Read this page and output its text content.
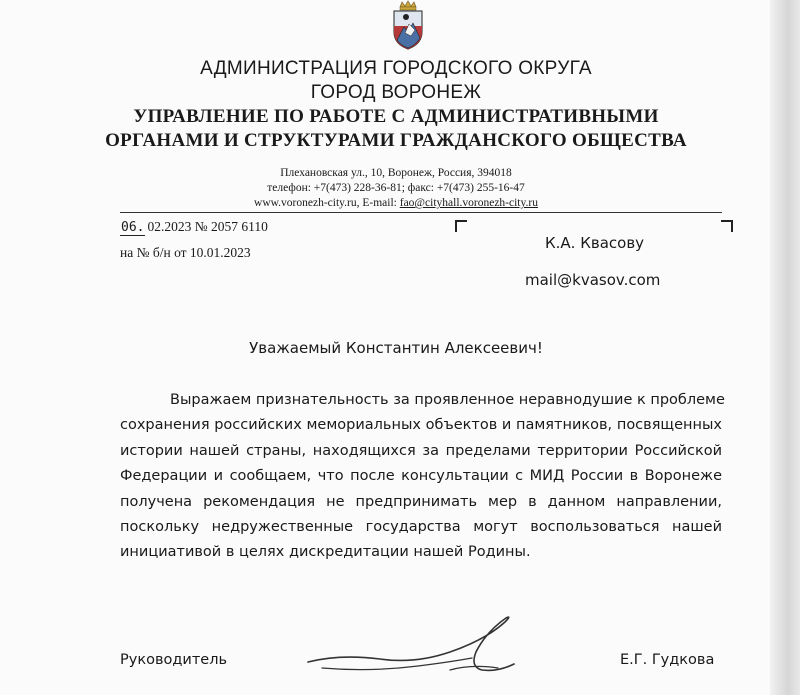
АДМИНИСТРАЦИЯ ГОРОДСКОГО ОКРУГА
ГОРОД ВОРОНЕЖ
УПРАВЛЕНИЕ ПО РАБОТЕ С АДМИНИСТРАТИВНЫМИ
ОРГАНАМИ И СТРУКТУРАМИ ГРАЖДАНСКОГО ОБЩЕСТВА
Плехановская ул., 10, Воронеж, Россия, 394018
телефон: +7(473) 228-36-81; факс: +7(473) 255-16-47
www.voronezh-city.ru, E-mail: fao@cityhall.voronezh-city.ru
06. 02.2023 № 2057 6110
на № б/н от 10.01.2023
К.А. Квасову
mail@kvasov.com
Уважаемый Константин Алексеевич!
Выражаем признательность за проявленное неравнодушие к проблеме
сохранения российских мемориальных объектов и памятников, посвященных
истории нашей страны, находящихся за пределами территории Российской
Федерации и сообщаем, что после консультации с МИД России в Воронеже
получена рекомендация не предпринимать мер в данном направлении,
поскольку недружественные государства могут воспользоваться нашей
инициативой в целях дискредитации нашей Родины.
Руководитель	Е.Г. Гудкова
